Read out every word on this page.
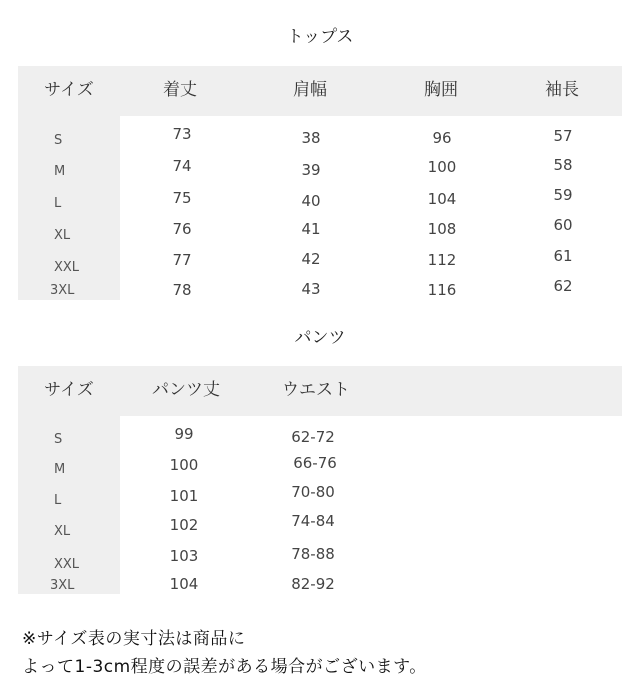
トップス
サイズ	着丈	肩幅	胸囲	袖長
S	73	38	96	57
M	74	39	100	58
L	75	40	104	59
XL	76	41	108	60
XXL	77	42	112	61
3XL	78	43	116	62
パンツ
サイズ	パンツ丈	ウエスト
S	99	62-72
M	100	66-76
L	101	70-80
XL	102	74-84
XXL	103	78-88
3XL	104	82-92
※サイズ表の実寸法は商品に
よって1-3cm程度の誤差がある場合がございます。
